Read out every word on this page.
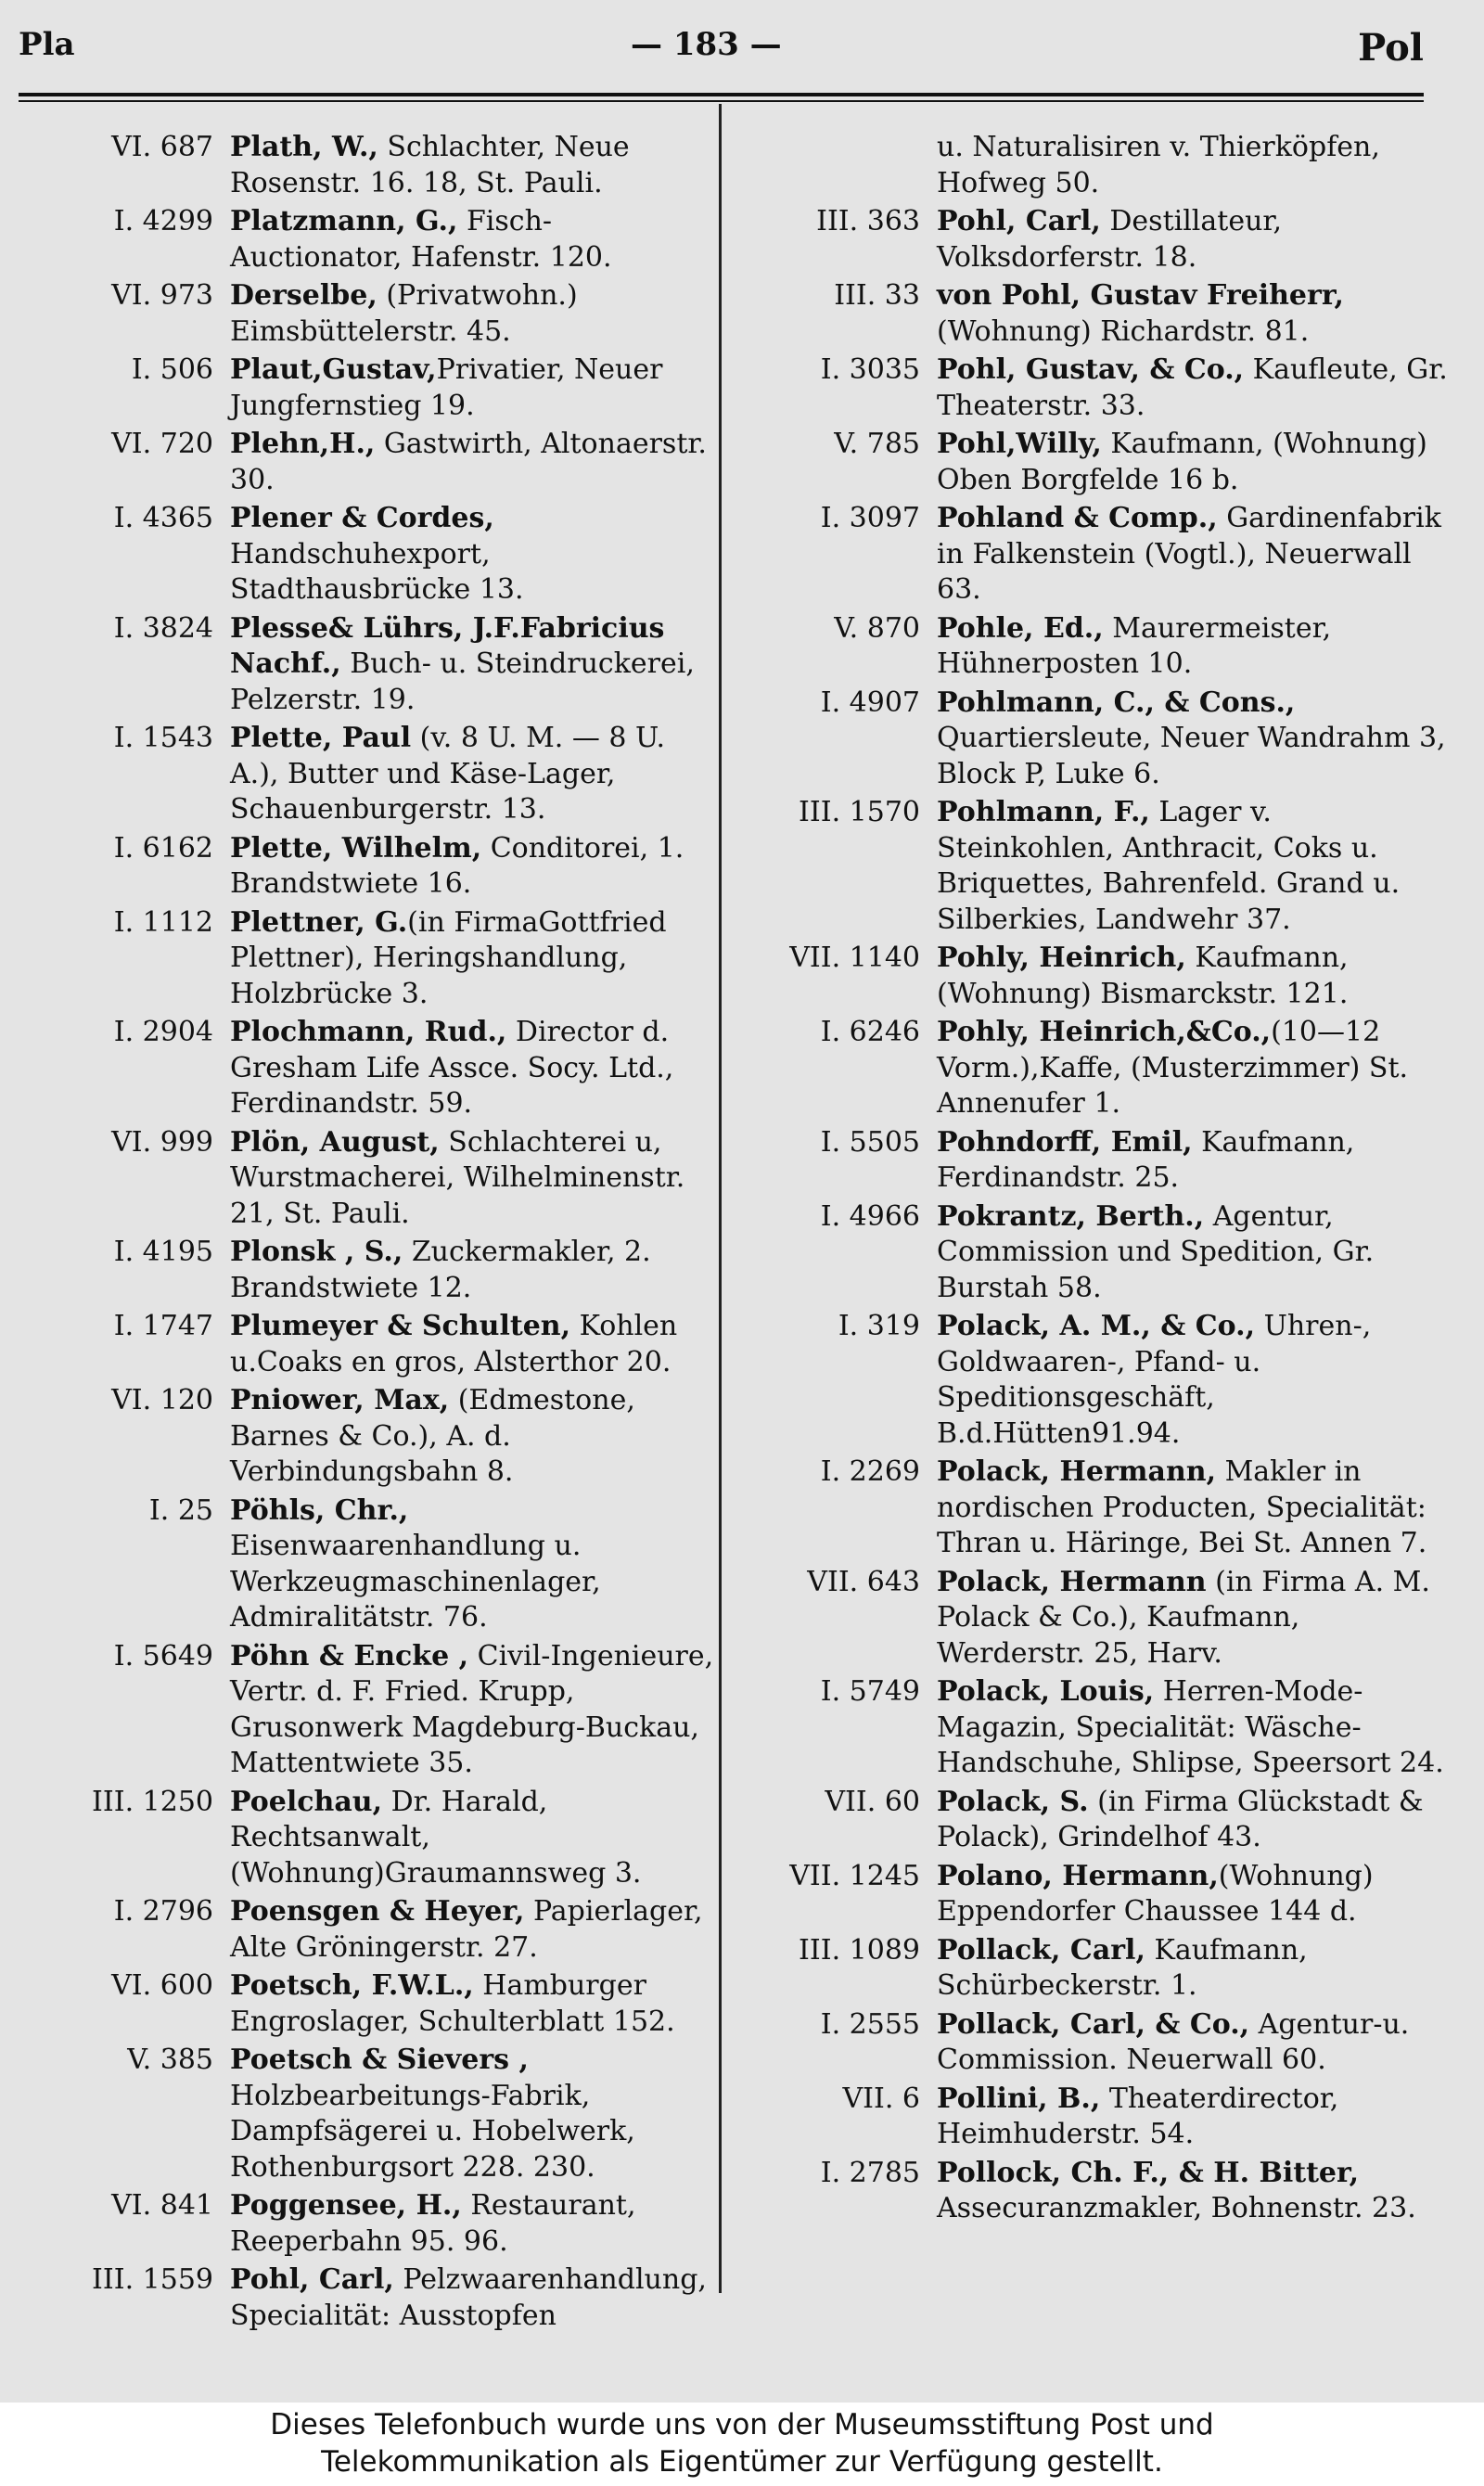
Pla	— 183 —	Pol
VI. 687 Plath, W., Schlachter, Neue Rosenstr. 16. 18, St. Pauli.
I. 4299 Platzmann, G., Fisch-Auctionator, Hafenstr. 120.
VI. 973 Derselbe, (Privatwohn.) Eimsbüttelerstr. 45.
I. 506 Plaut,Gustav,Privatier, Neuer Jungfernstieg 19.
VI. 720 Plehn,H., Gastwirth, Altonaerstr. 30.
I. 4365 Plener & Cordes, Handschuhexport, Stadthausbrücke 13.
I. 3824 Plesse& Lührs, J.F.Fabricius Nachf., Buch- u. Steindruckerei, Pelzerstr. 19.
I. 1543 Plette, Paul (v. 8 U. M. — 8 U. A.), Butter und Käse-Lager, Schauenburgerstr. 13.
I. 6162 Plette, Wilhelm, Conditorei, 1. Brandstwiete 16.
I. 1112 Plettner, G.(in FirmaGottfried Plettner), Heringshandlung, Holzbrücke 3.
I. 2904 Plochmann, Rud., Director d. Gresham Life Assce. Socy. Ltd., Ferdinandstr. 59.
VI. 999 Plön, August, Schlachterei u, Wurstmacherei, Wilhelminenstr. 21, St. Pauli.
I. 4195 Plonsk , S., Zuckermakler, 2. Brandstwiete 12.
I. 1747 Plumeyer & Schulten, Kohlen u.Coaks en gros, Alsterthor 20.
VI. 120 Pniower, Max, (Edmestone, Barnes & Co.), A. d. Verbindungsbahn 8.
I. 25 Pöhls, Chr., Eisenwaarenhandlung u. Werkzeugmaschinenlager, Admiralitätstr. 76.
I. 5649 Pöhn & Encke , Civil-Ingenieure, Vertr. d. F. Fried. Krupp, Grusonwerk Magdeburg-Buckau, Mattentwiete 35.
III. 1250 Poelchau, Dr. Harald, Rechtsanwalt,(Wohnung)Graumannsweg 3.
I. 2796 Poensgen & Heyer, Papierlager, Alte Gröningerstr. 27.
VI. 600 Poetsch, F.W.L., Hamburger Engroslager, Schulterblatt 152.
V. 385 Poetsch & Sievers , Holzbearbeitungs-Fabrik, Dampfsägerei u. Hobelwerk, Rothenburgsort 228. 230.
VI. 841 Poggensee, H., Restaurant, Reeperbahn 95. 96.
III. 1559 Pohl, Carl, Pelzwaarenhandlung, Specialität: Ausstopfen
u. Naturalisiren v. Thierköpfen, Hofweg 50.
III. 363 Pohl, Carl, Destillateur, Volksdorferstr. 18.
III. 33 von Pohl, Gustav Freiherr, (Wohnung) Richardstr. 81.
I. 3035 Pohl, Gustav, & Co., Kaufleute, Gr. Theaterstr. 33.
V. 785 Pohl,Willy, Kaufmann, (Wohnung) Oben Borgfelde 16 b.
I. 3097 Pohland & Comp., Gardinenfabrik in Falkenstein (Vogtl.), Neuerwall 63.
V. 870 Pohle, Ed., Maurermeister, Hühnerposten 10.
I. 4907 Pohlmann, C., & Cons., Quartiersleute, Neuer Wandrahm 3, Block P, Luke 6.
III. 1570 Pohlmann, F., Lager v. Steinkohlen, Anthracit, Coks u. Briquettes, Bahrenfeld. Grand u. Silberkies, Landwehr 37.
VII. 1140 Pohly, Heinrich, Kaufmann, (Wohnung) Bismarckstr. 121.
I. 6246 Pohly, Heinrich,&Co.,(10—12 Vorm.),Kaffe, (Musterzimmer) St. Annenufer 1.
I. 5505 Pohndorff, Emil, Kaufmann, Ferdinandstr. 25.
I. 4966 Pokrantz, Berth., Agentur, Commission und Spedition, Gr. Burstah 58.
I. 319 Polack, A. M., & Co., Uhren-, Goldwaaren-, Pfand- u. Speditionsgeschäft, B.d.Hütten91.94.
I. 2269 Polack, Hermann, Makler in nordischen Producten, Specialität: Thran u. Häringe, Bei St. Annen 7.
VII. 643 Polack, Hermann (in Firma A. M. Polack & Co.), Kaufmann, Werderstr. 25, Harv.
I. 5749 Polack, Louis, Herren-Mode-Magazin, Specialität: Wäsche-Handschuhe, Shlipse, Speersort 24.
VII. 60 Polack, S. (in Firma Glückstadt & Polack), Grindelhof 43.
VII. 1245 Polano, Hermann,(Wohnung) Eppendorfer Chaussee 144 d.
III. 1089 Pollack, Carl, Kaufmann, Schürbeckerstr. 1.
I. 2555 Pollack, Carl, & Co., Agentur-u. Commission. Neuerwall 60.
VII. 6 Pollini, B., Theaterdirector, Heimhuderstr. 54.
I. 2785 Pollock, Ch. F., & H. Bitter, Assecuranzmakler, Bohnenstr. 23.
Dieses Telefonbuch wurde uns von der Museumsstiftung Post und
Telekommunikation als Eigentümer zur Verfügung gestellt.
